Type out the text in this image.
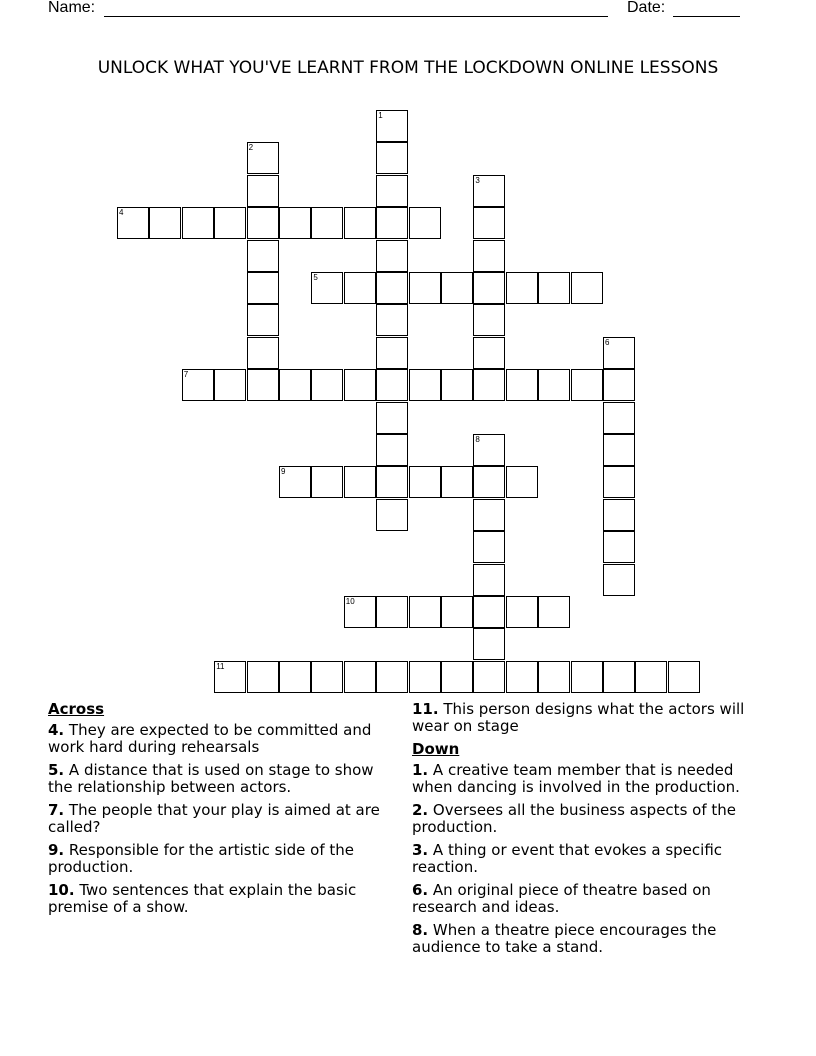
Name:	Date:
UNLOCK WHAT YOU'VE LEARNT FROM THE LOCKDOWN ONLINE LESSONS
4
5
7
9
10
11
1
2
3
6
8
Across
4. They are expected to be committed and work hard during rehearsals
5. A distance that is used on stage to show the relationship between actors.
7. The people that your play is aimed at are called?
9. Responsible for the artistic side of the production.
10. Two sentences that explain the basic premise of a show.
11. This person designs what the actors will wear on stage
Down
1. A creative team member that is needed when dancing is involved in the production.
2. Oversees all the business aspects of the production.
3. A thing or event that evokes a specific reaction.
6. An original piece of theatre based on research and ideas.
8. When a theatre piece encourages the audience to take a stand.
